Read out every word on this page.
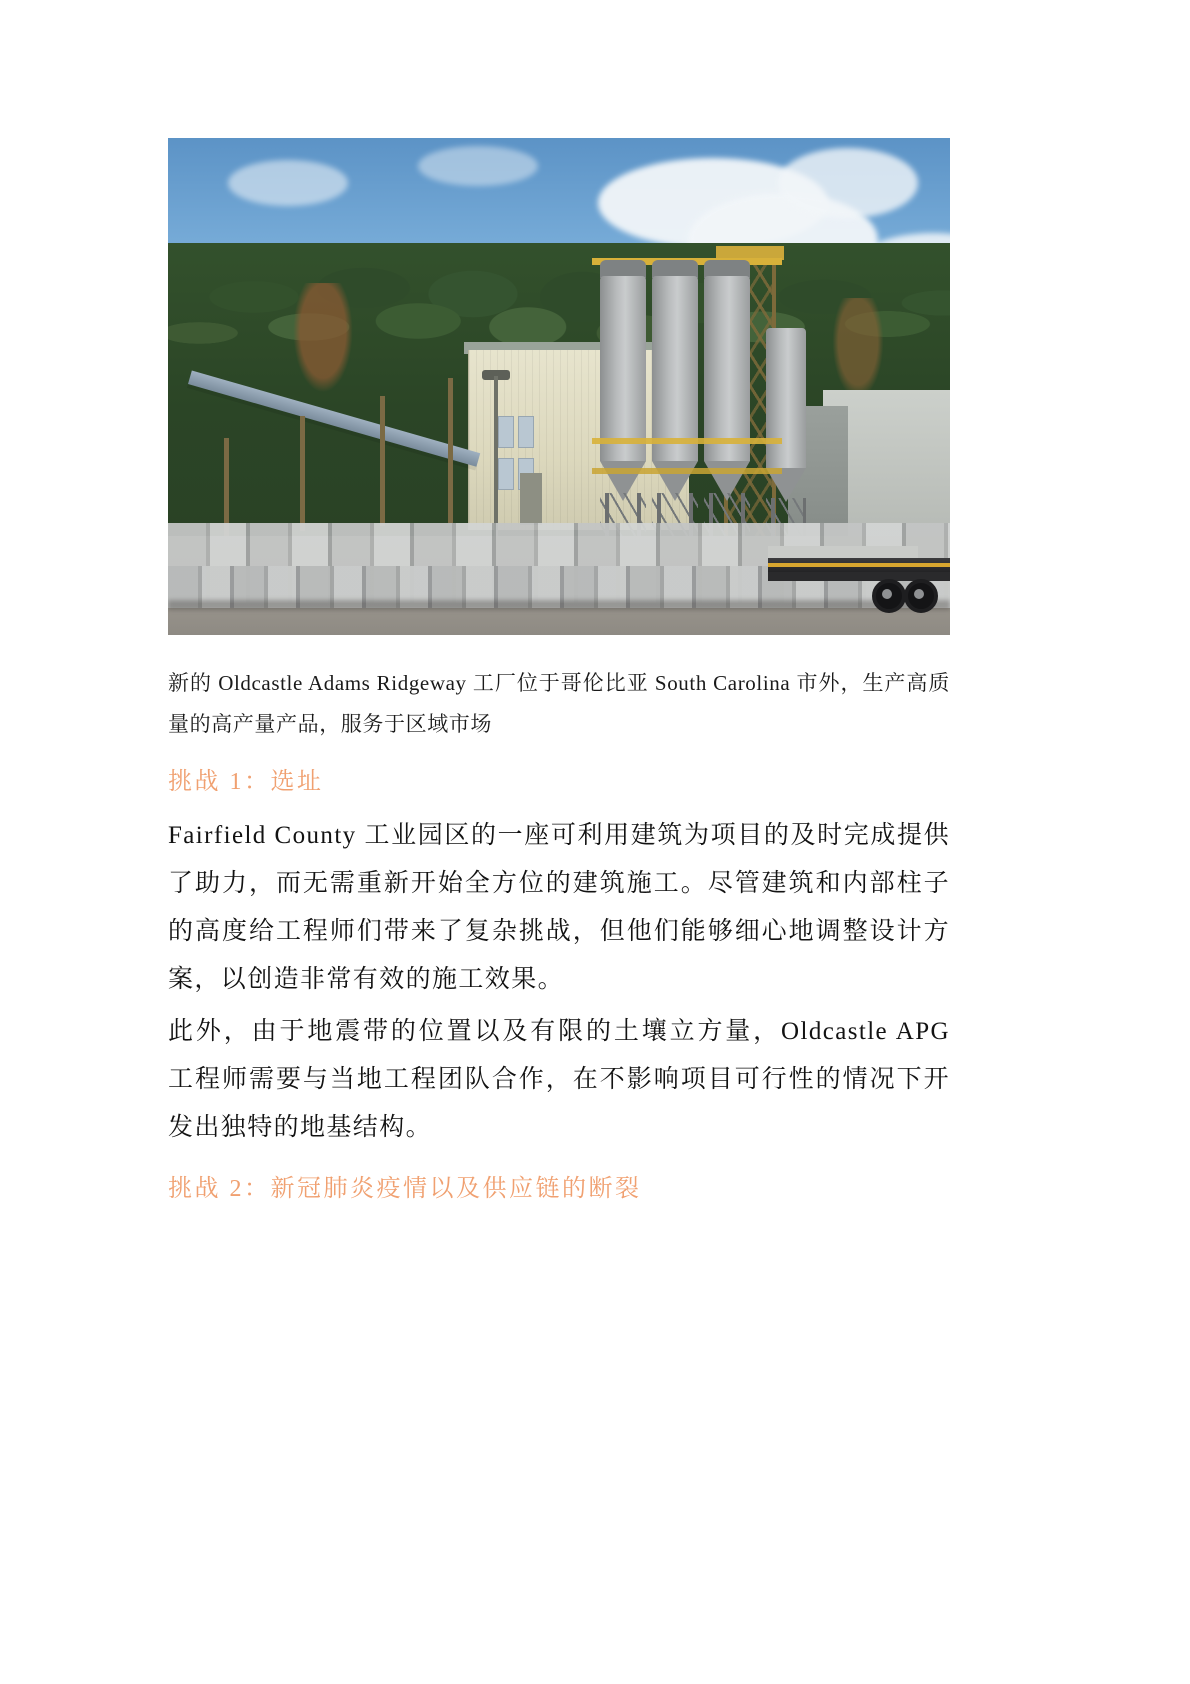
新的 Oldcastle Adams Ridgeway 工厂位于哥伦比亚 South Carolina 市外，生产高质量的高产量产品，服务于区域市场
挑战 1：选址

Fairfield County 工业园区的一座可利用建筑为项目的及时完成提供了助力，而无需重新开始全方位的建筑施工。尽管建筑和内部柱子的高度给工程师们带来了复杂挑战，但他们能够细心地调整设计方案，以创造非常有效的施工效果。

此外，由于地震带的位置以及有限的土壤立方量，Oldcastle APG 工程师需要与当地工程团队合作，在不影响项目可行性的情况下开发出独特的地基结构。

挑战 2：新冠肺炎疫情以及供应链的断裂
